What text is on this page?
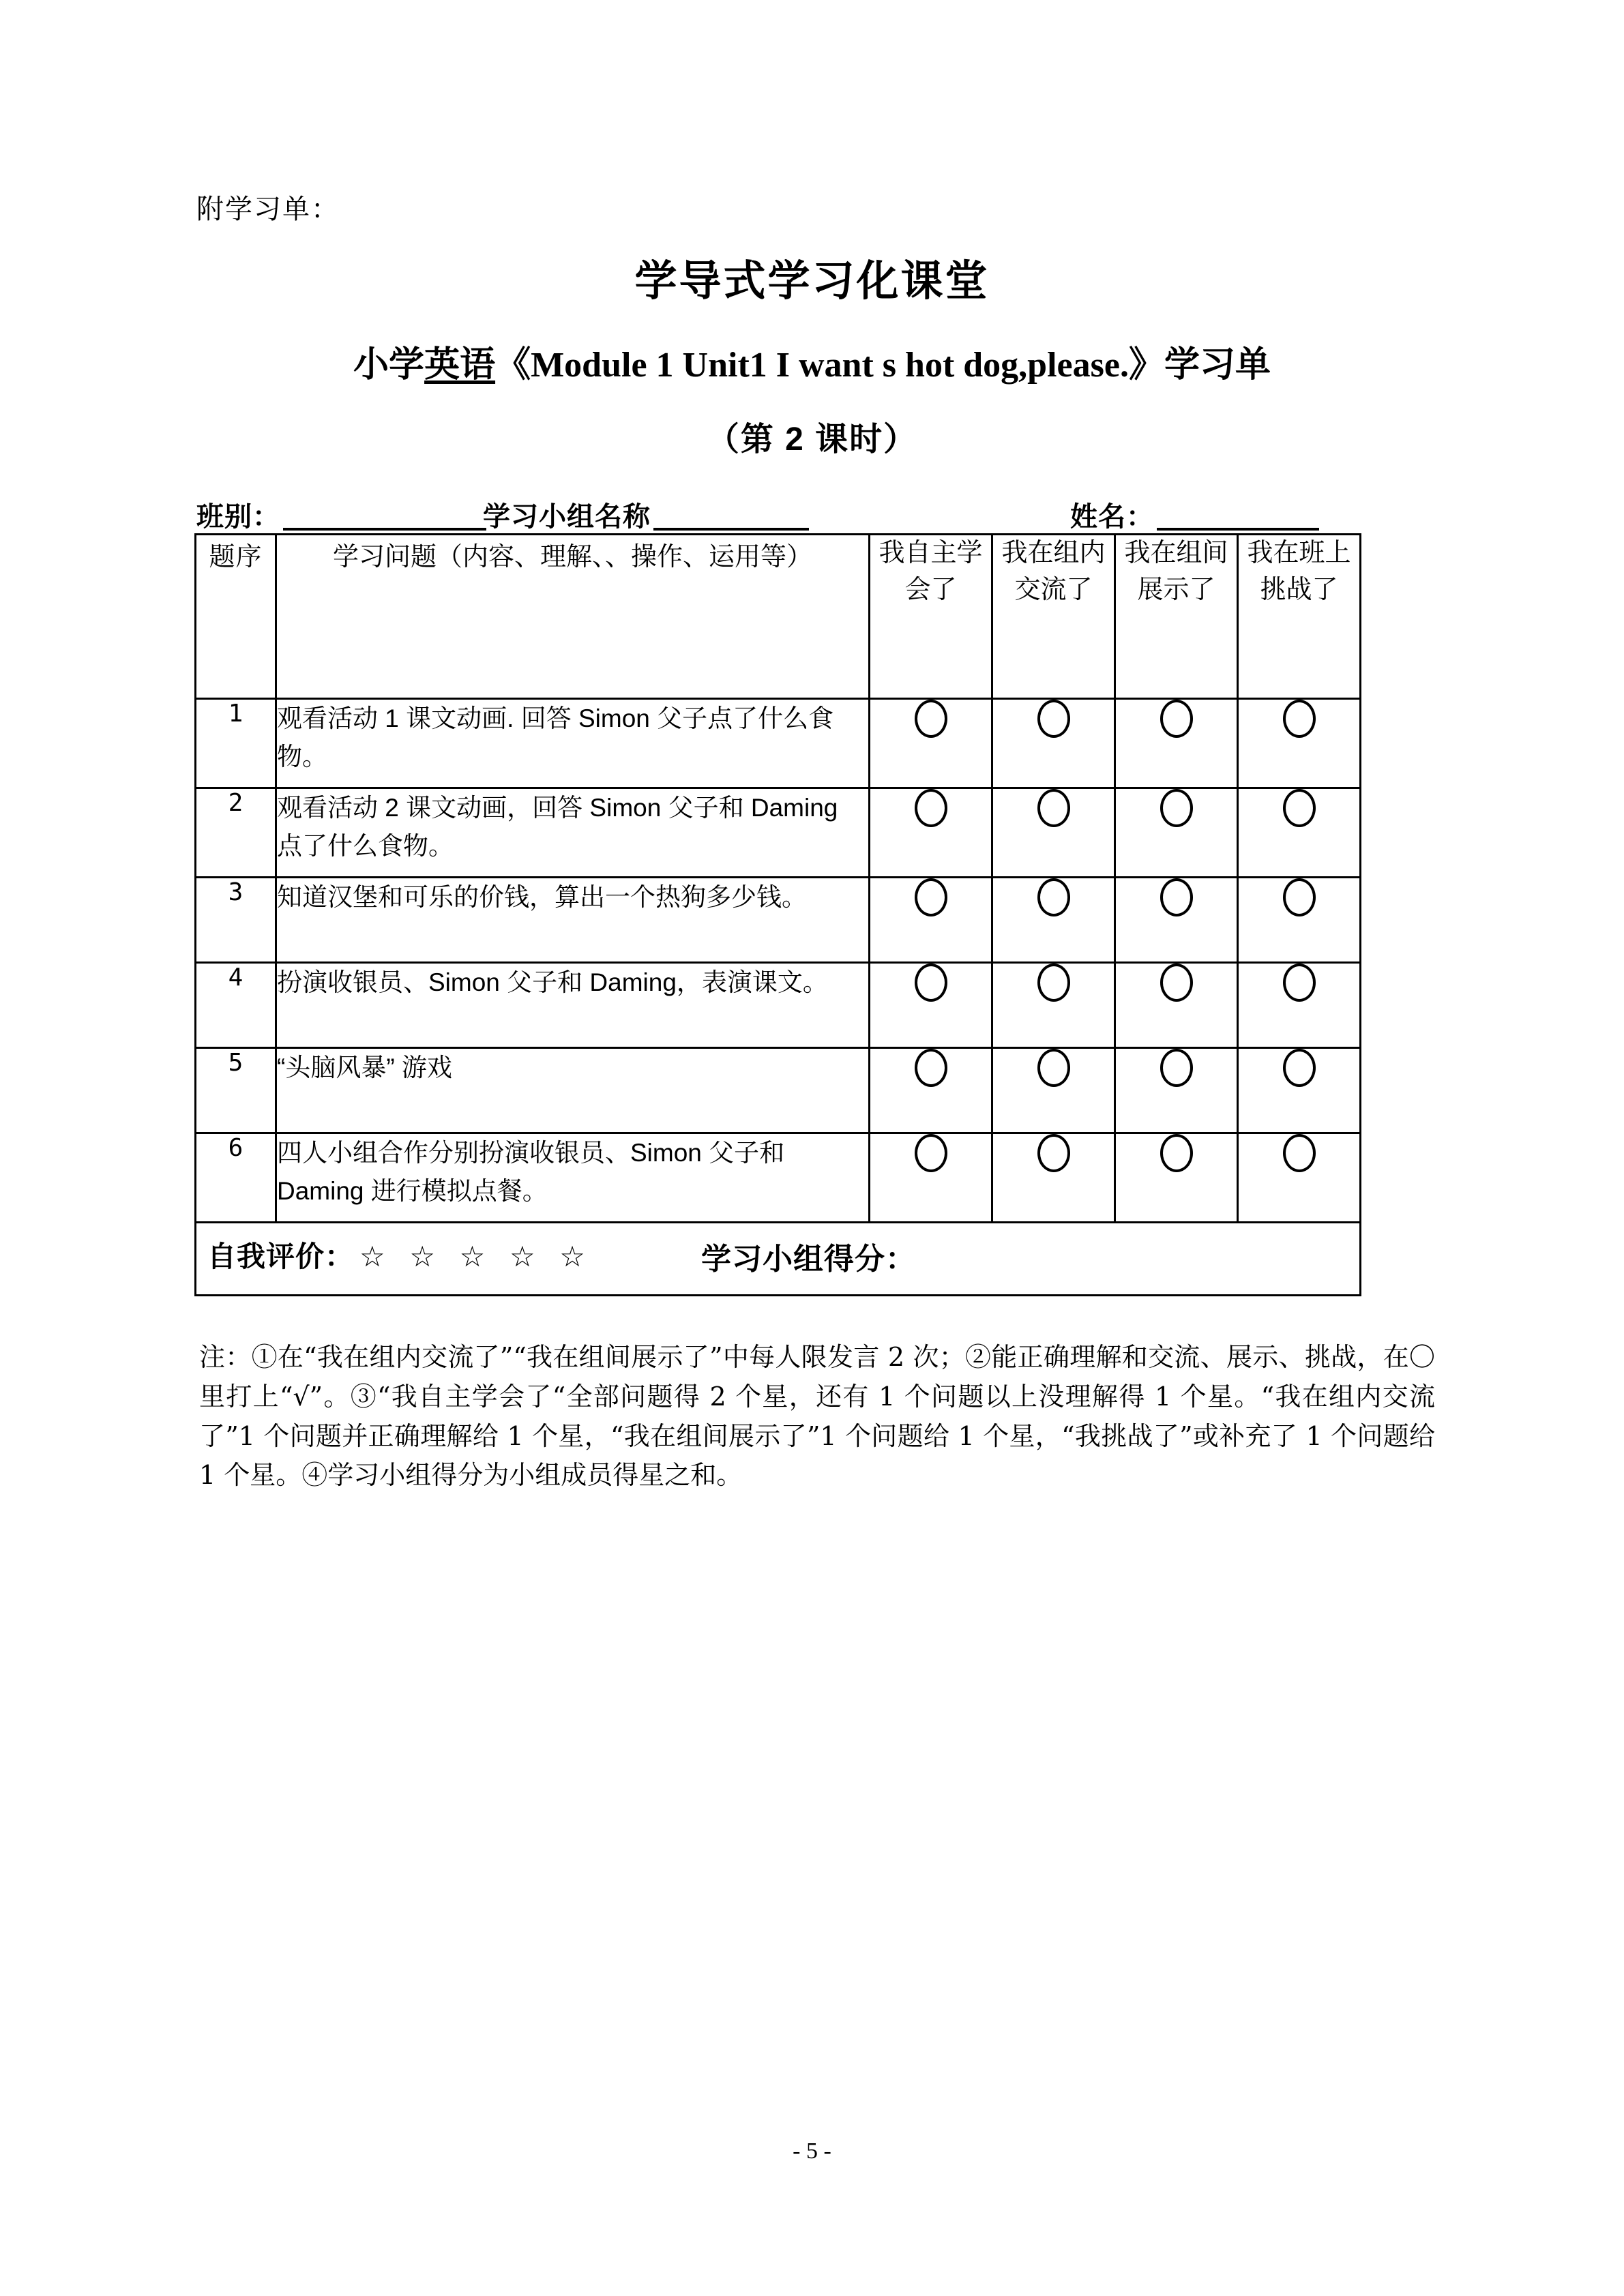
附学习单：
学导式学习化课堂
小学英语《Module 1 Unit1 I want s hot dog,please.》学习单
（第 2 课时）
班别：	学习小组名称	姓名：
题序	学习问题（内容、理解、、操作、运用等）	我自主学会了	我在组内交流了	我在组间展示了	我在班上挑战了
1	观看活动 1 课文动画. 回答 Simon 父子点了什么食物。				
2	观看活动 2 课文动画，回答 Simon 父子和 Daming 点了什么食物。				
3	知道汉堡和可乐的价钱，算出一个热狗多少钱。				
4	扮演收银员、Simon 父子和 Daming，表演课文。				
5	“头脑风暴” 游戏				
6	四人小组合作分别扮演收银员、Simon 父子和 Daming 进行模拟点餐。				

自我评价： ☆ ☆ ☆ ☆ ☆ 学习小组得分：					
注：①在“我在组内交流了”“我在组间展示了”中每人限发言 2 次；②能正确理解和交流、展示、挑战，在〇里打上“√”。③“我自主学会了“全部问题得 2 个星，还有 1 个问题以上没理解得 1 个星。“我在组内交流了”1 个问题并正确理解给 1 个星，“我在组间展示了”1 个问题给 1 个星，“我挑战了”或补充了 1 个问题给 1 个星。④学习小组得分为小组成员得星之和。
- 5 -
